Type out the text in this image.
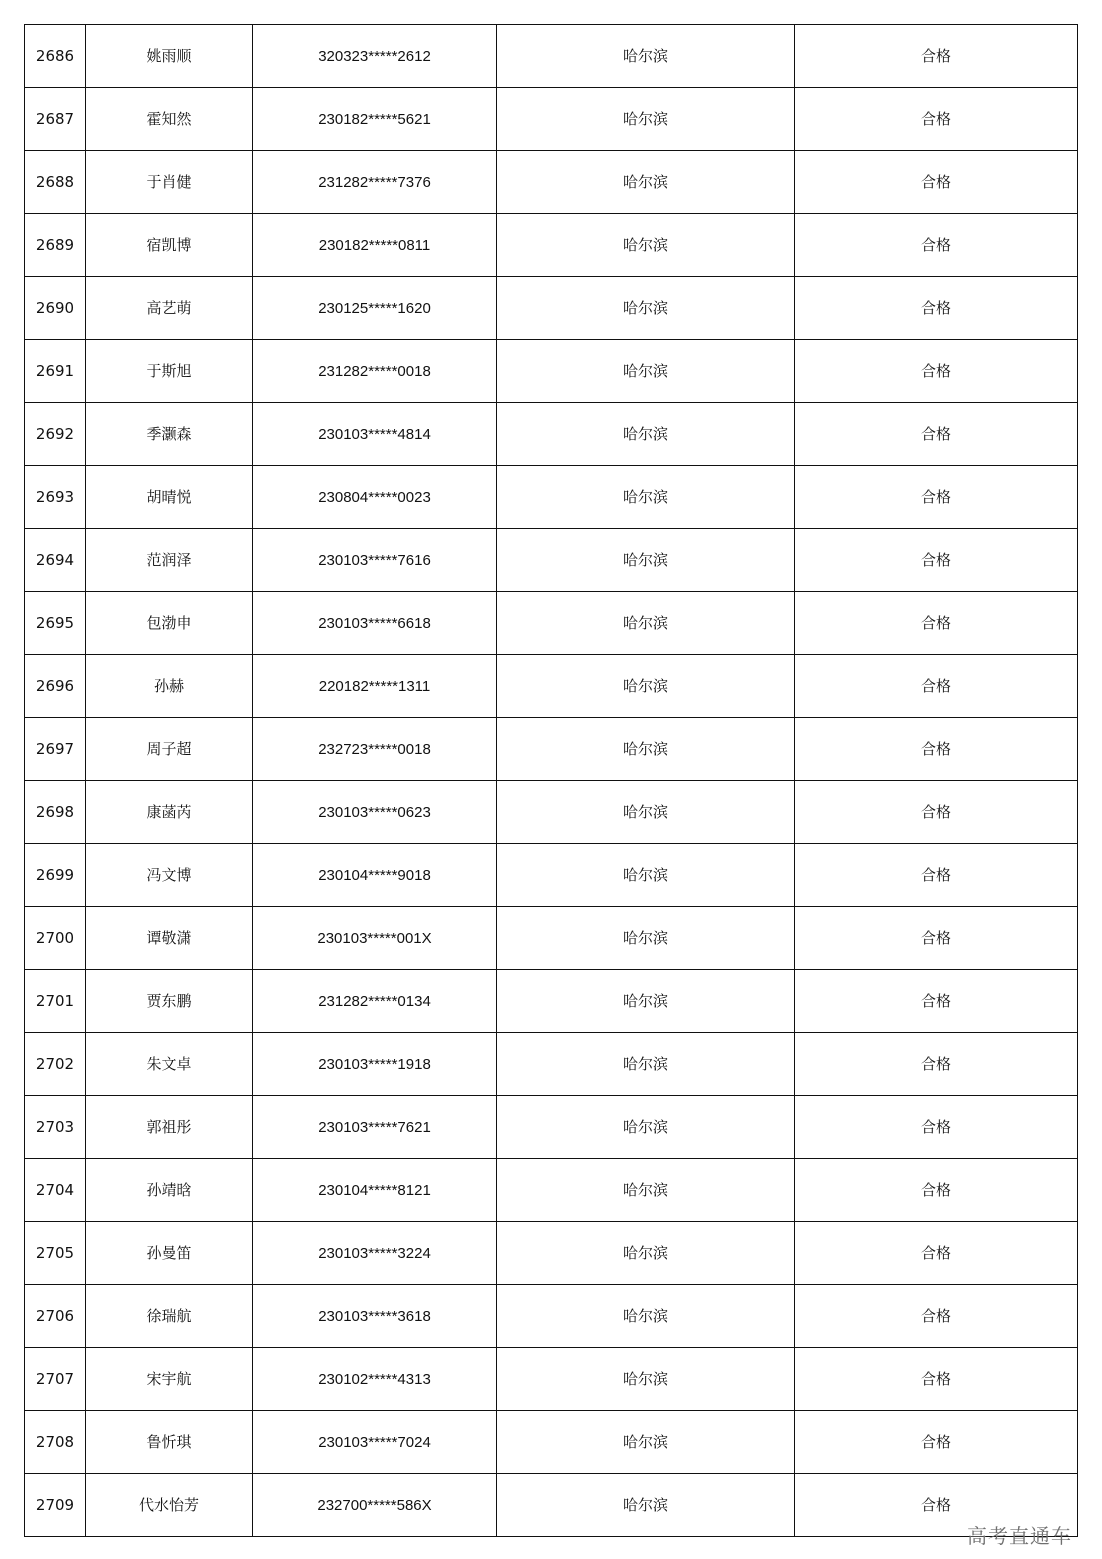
2686	姚雨顺	320323*****2612	哈尔滨	合格
2687	霍知然	230182*****5621	哈尔滨	合格
2688	于肖健	231282*****7376	哈尔滨	合格
2689	宿凯博	230182*****0811	哈尔滨	合格
2690	高艺萌	230125*****1620	哈尔滨	合格
2691	于斯旭	231282*****0018	哈尔滨	合格
2692	季灏森	230103*****4814	哈尔滨	合格
2693	胡晴悦	230804*****0023	哈尔滨	合格
2694	范润泽	230103*****7616	哈尔滨	合格
2695	包渤申	230103*****6618	哈尔滨	合格
2696	孙赫	220182*****1311	哈尔滨	合格
2697	周子超	232723*****0018	哈尔滨	合格
2698	康菡芮	230103*****0623	哈尔滨	合格
2699	冯文博	230104*****9018	哈尔滨	合格
2700	谭敬潇	230103*****001X	哈尔滨	合格
2701	贾东鹏	231282*****0134	哈尔滨	合格
2702	朱文卓	230103*****1918	哈尔滨	合格
2703	郭祖彤	230103*****7621	哈尔滨	合格
2704	孙靖晗	230104*****8121	哈尔滨	合格
2705	孙曼笛	230103*****3224	哈尔滨	合格
2706	徐瑞航	230103*****3618	哈尔滨	合格
2707	宋宇航	230102*****4313	哈尔滨	合格
2708	鲁忻琪	230103*****7024	哈尔滨	合格
2709	代水怡芳	232700*****586X	哈尔滨	合格
高考直通车
